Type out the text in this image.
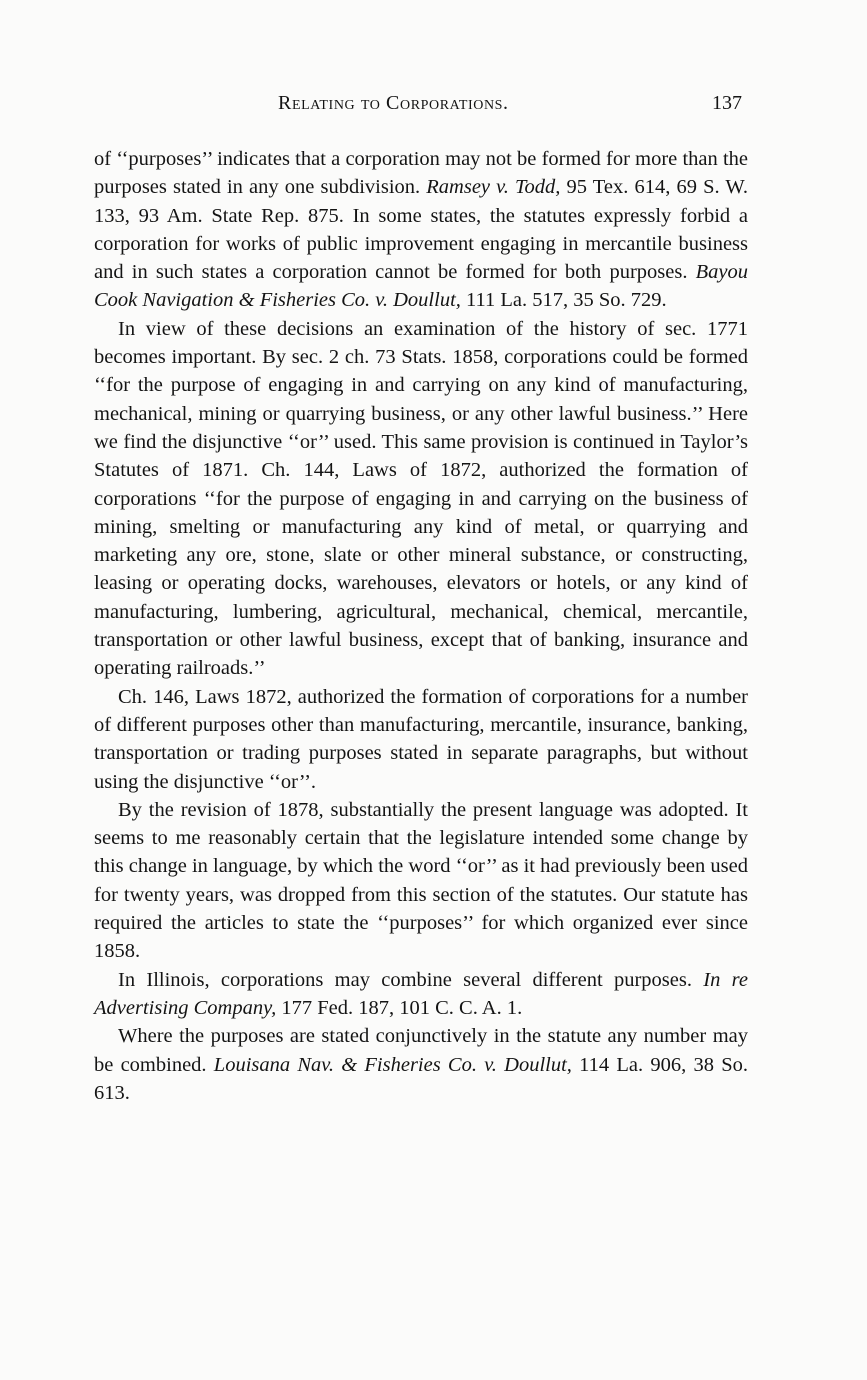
Relating to Corporations.	137

of ‘‘purposes’’ indicates that a corporation may not be formed for more than the purposes stated in any one subdivision. Ramsey v. Todd, 95 Tex. 614, 69 S. W. 133, 93 Am. State Rep. 875. In some states, the statutes expressly forbid a corporation for works of public improvement engaging in mercantile business and in such states a corporation cannot be formed for both purposes. Bayou Cook Navigation & Fisheries Co. v. Doullut, 111 La. 517, 35 So. 729.

In view of these decisions an examination of the history of sec. 1771 becomes important. By sec. 2 ch. 73 Stats. 1858, corporations could be formed ‘‘for the purpose of engaging in and carrying on any kind of manufacturing, mechanical, mining or quarrying business, or any other lawful business.’’ Here we find the disjunctive ‘‘or’’ used. This same provision is continued in Taylor’s Statutes of 1871. Ch. 144, Laws of 1872, authorized the formation of corporations ‘‘for the purpose of engaging in and carrying on the business of mining, smelting or manufacturing any kind of metal, or quarrying and marketing any ore, stone, slate or other mineral substance, or constructing, leasing or operating docks, warehouses, elevators or hotels, or any kind of manufacturing, lumbering, agricultural, mechanical, chemical, mercantile, transportation or other lawful business, except that of banking, insurance and operating railroads.’’

Ch. 146, Laws 1872, authorized the formation of corporations for a number of different purposes other than manufacturing, mercantile, insurance, banking, transportation or trading purposes stated in separate paragraphs, but without using the disjunctive ‘‘or’’.

By the revision of 1878, substantially the present language was adopted. It seems to me reasonably certain that the legislature intended some change by this change in language, by which the word ‘‘or’’ as it had previously been used for twenty years, was dropped from this section of the statutes. Our statute has required the articles to state the ‘‘purposes’’ for which organized ever since 1858.

In Illinois, corporations may combine several different purposes. In re Advertising Company, 177 Fed. 187, 101 C. C. A. 1.

Where the purposes are stated conjunctively in the statute any number may be combined. Louisana Nav. & Fisheries Co. v. Doullut, 114 La. 906, 38 So. 613.
